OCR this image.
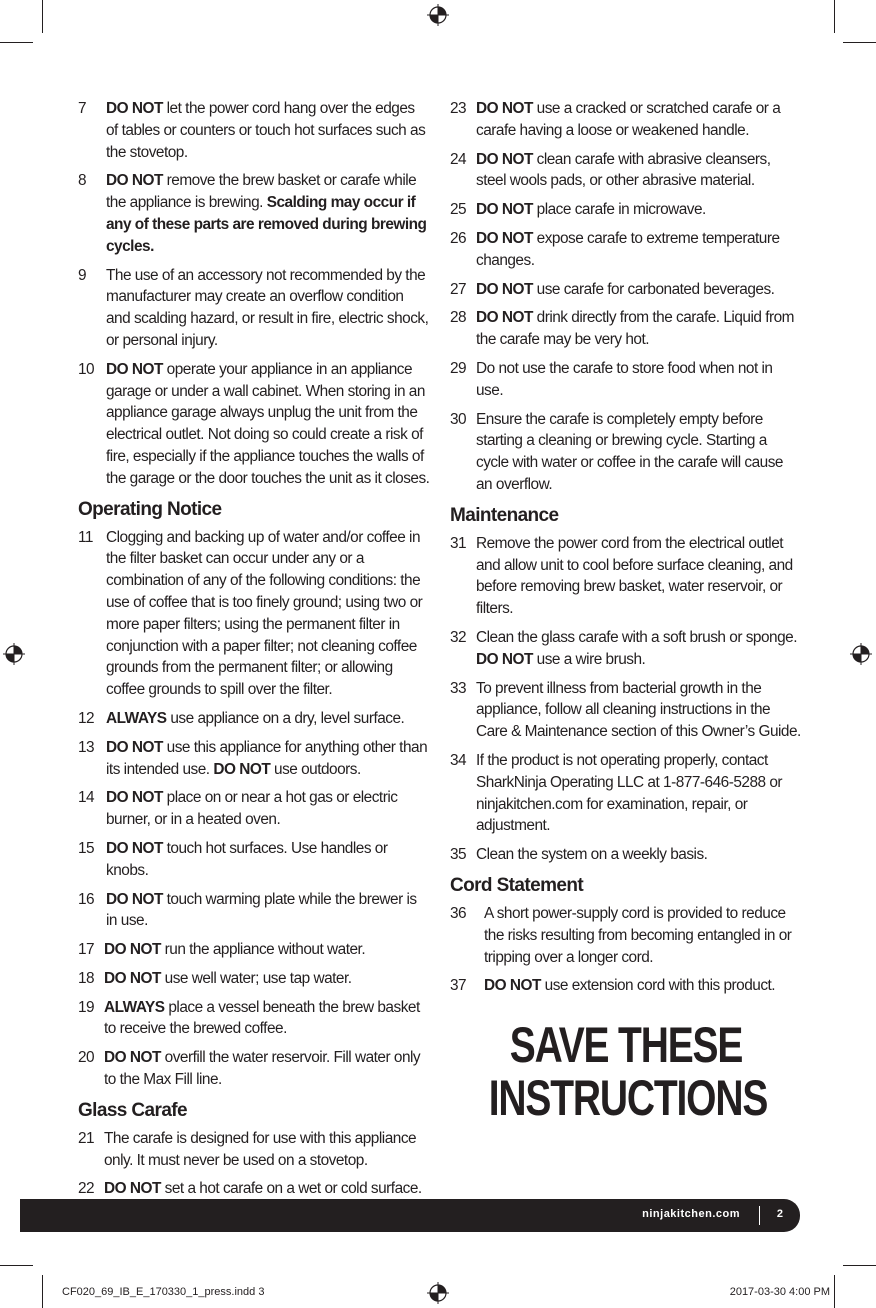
7	DO NOT let the power cord hang over the edges of tables or counters or touch hot surfaces such as the stovetop.
8	DO NOT remove the brew basket or carafe while the appliance is brewing. Scalding may occur if any of these parts are removed during brewing cycles.
9	The use of an accessory not recommended by the manufacturer may create an overflow condition and scalding hazard, or result in fire, electric shock, or personal injury.
10 DO NOT operate your appliance in an appliance garage or under a wall cabinet. When storing in an appliance garage always unplug the unit from the electrical outlet. Not doing so could create a risk of fire, especially if the appliance touches the walls of the garage or the door touches the unit as it closes.
Operating Notice
11 Clogging and backing up of water and/or coffee in the filter basket can occur under any or a combination of any of the following conditions: the use of coffee that is too finely ground; using two or more paper filters; using the permanent filter in conjunction with a paper filter; not cleaning coffee grounds from the permanent filter; or allowing coffee grounds to spill over the filter.
12 ALWAYS use appliance on a dry, level surface.
13 DO NOT use this appliance for anything other than its intended use. DO NOT use outdoors.
14 DO NOT place on or near a hot gas or electric burner, or in a heated oven.
15 DO NOT touch hot surfaces. Use handles or knobs.
16 DO NOT touch warming plate while the brewer is in use.
17 DO NOT run the appliance without water.
18 DO NOT use well water; use tap water.
19 ALWAYS place a vessel beneath the brew basket to receive the brewed coffee.
20 DO NOT overfill the water reservoir. Fill water only to the Max Fill line.
Glass Carafe
21 The carafe is designed for use with this appliance only. It must never be used on a stovetop.
22 DO NOT set a hot carafe on a wet or cold surface.
23 DO NOT use a cracked or scratched carafe or a carafe having a loose or weakened handle.
24 DO NOT clean carafe with abrasive cleansers, steel wools pads, or other abrasive material.
25 DO NOT place carafe in microwave.
26 DO NOT expose carafe to extreme temperature changes.
27 DO NOT use carafe for carbonated beverages.
28 DO NOT drink directly from the carafe. Liquid from the carafe may be very hot.
29 Do not use the carafe to store food when not in use.
30 Ensure the carafe is completely empty before starting a cleaning or brewing cycle. Starting a cycle with water or coffee in the carafe will cause an overflow.
Maintenance
31 Remove the power cord from the electrical outlet and allow unit to cool before surface cleaning, and before removing brew basket, water reservoir, or filters.
32 Clean the glass carafe with a soft brush or sponge. DO NOT use a wire brush.
33 To prevent illness from bacterial growth in the appliance, follow all cleaning instructions in the Care & Maintenance section of this Owner’s Guide.
34 If the product is not operating properly, contact SharkNinja Operating LLC at 1-877-646-5288 or ninjakitchen.com for examination, repair, or adjustment.
35 Clean the system on a weekly basis.
Cord Statement
36	A short power-supply cord is provided to reduce the risks resulting from becoming entangled in or tripping over a longer cord.
37	DO NOT use extension cord with this product.
SAVE THESE
INSTRUCTIONS
ninjakitchen.com	2
CF020_69_IB_E_170330_1_press.indd 3	2017-03-30 4:00 PM
